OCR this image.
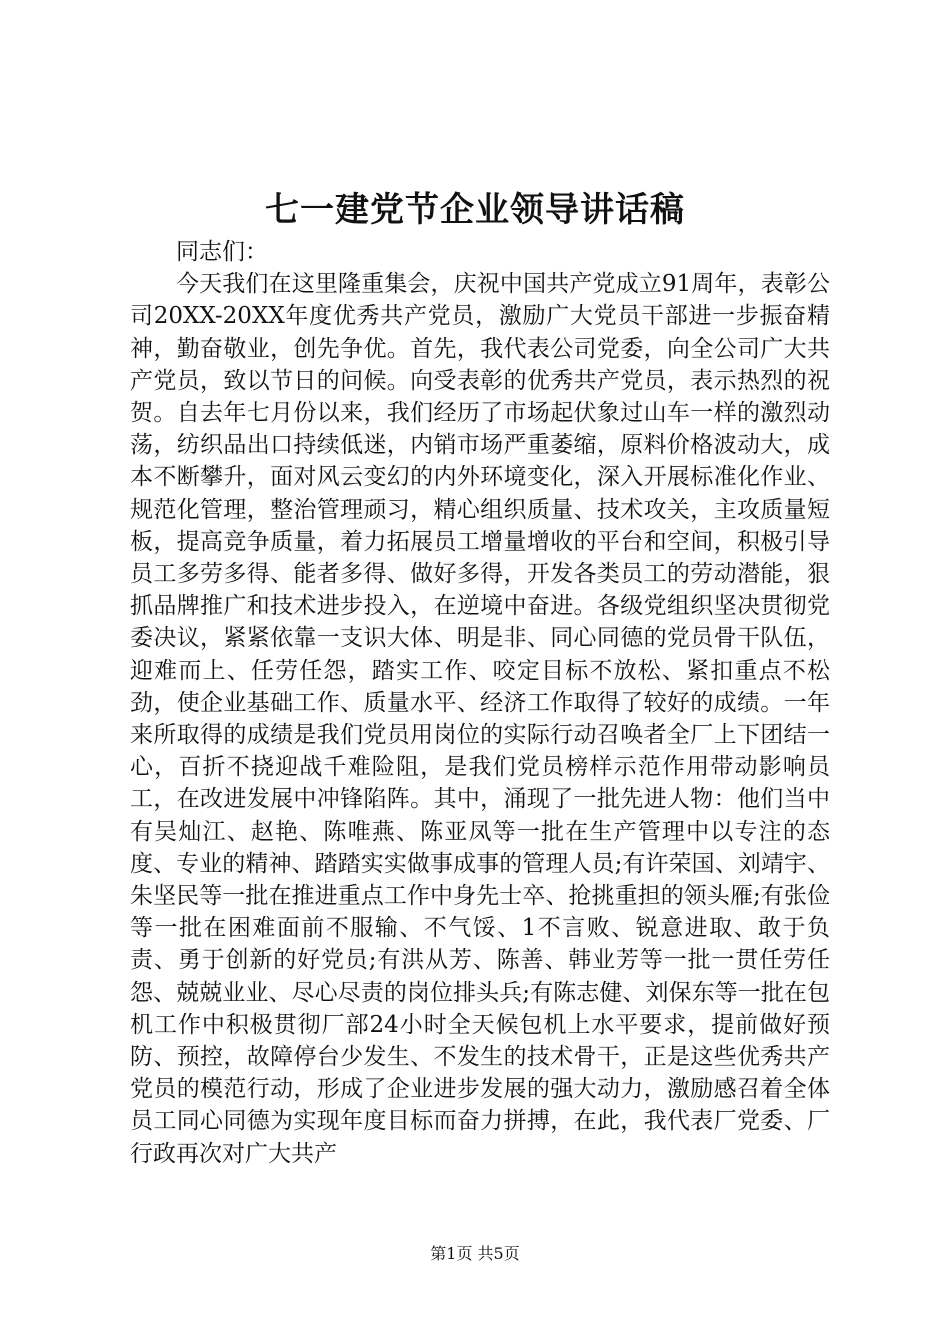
七一建党节企业领导讲话稿

同志们：

今天我们在这里隆重集会，庆祝中国共产党成立91周年，表彰公司20XX-20XX年度优秀共产党员，激励广大党员干部进一步振奋精神，勤奋敬业，创先争优。首先，我代表公司党委，向全公司广大共产党员，致以节日的问候。向受表彰的优秀共产党员，表示热烈的祝贺。自去年七月份以来，我们经历了市场起伏象过山车一样的激烈动荡，纺织品出口持续低迷，内销市场严重萎缩，原料价格波动大，成本不断攀升，面对风云变幻的内外环境变化，深入开展标准化作业、规范化管理，整治管理顽习，精心组织质量、技术攻关，主攻质量短板，提高竞争质量，着力拓展员工增量增收的平台和空间，积极引导员工多劳多得、能者多得、做好多得，开发各类员工的劳动潜能，狠抓品牌推广和技术进步投入，在逆境中奋进。各级党组织坚决贯彻党委决议，紧紧依靠一支识大体、明是非、同心同德的党员骨干队伍，迎难而上、任劳任怨，踏实工作、咬定目标不放松、紧扣重点不松劲，使企业基础工作、质量水平、经济工作取得了较好的成绩。一年来所取得的成绩是我们党员用岗位的实际行动召唤者全厂上下团结一心，百折不挠迎战千难险阻，是我们党员榜样示范作用带动影响员工，在改进发展中冲锋陷阵。其中，涌现了一批先进人物：他们当中有吴灿江、赵艳、陈唯燕、陈亚凤等一批在生产管理中以专注的态度、专业的精神、踏踏实实做事成事的管理人员;有许荣国、刘靖宇、朱坚民等一批在推进重点工作中身先士卒、抢挑重担的领头雁;有张俭等一批在困难面前不服输、不气馁、1不言败、锐意进取、敢于负责、勇于创新的好党员;有洪从芳、陈善、韩业芳等一批一贯任劳任怨、兢兢业业、尽心尽责的岗位排头兵;有陈志健、刘保东等一批在包机工作中积极贯彻厂部24小时全天候包机上水平要求，提前做好预防、预控，故障停台少发生、不发生的技术骨干，正是这些优秀共产党员的模范行动，形成了企业进步发展的强大动力，激励感召着全体员工同心同德为实现年度目标而奋力拼搏，在此，我代表厂党委、厂行政再次对广大共产

第1页 共5页
